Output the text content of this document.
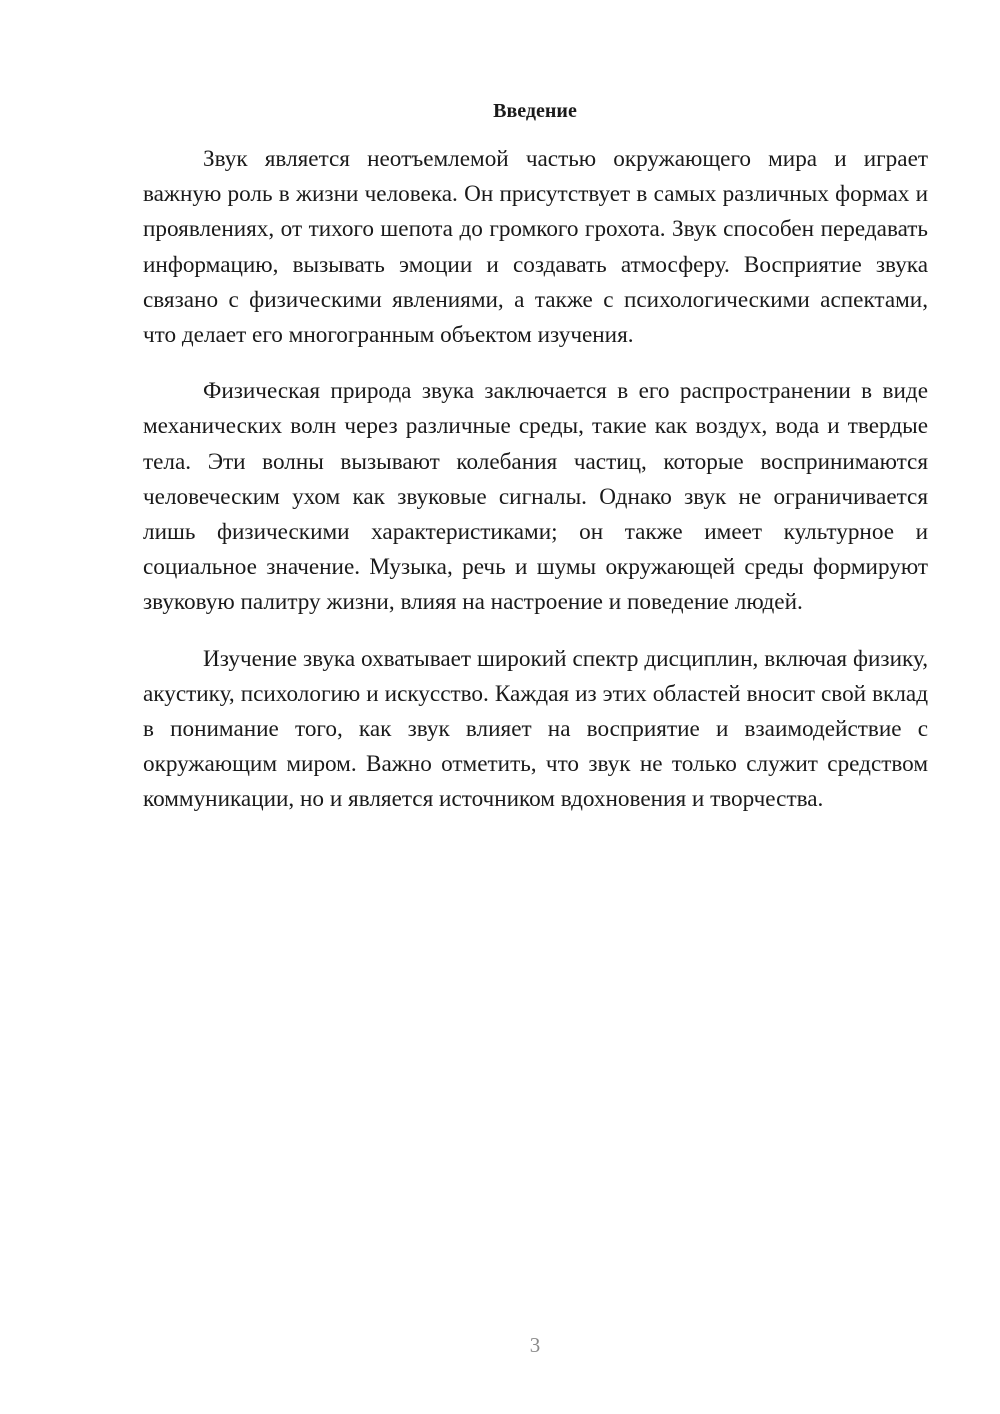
Введение

Звук является неотъемлемой частью окружающего мира и играет важную роль в жизни человека. Он присутствует в самых различных формах и проявлениях, от тихого шепота до громкого грохота. Звук способен передавать информацию, вызывать эмоции и создавать атмосферу. Восприятие звука связано с физическими явлениями, а также с психологическими аспектами, что делает его многогранным объектом изучения.

Физическая природа звука заключается в его распространении в виде механических волн через различные среды, такие как воздух, вода и твердые тела. Эти волны вызывают колебания частиц, которые воспринимаются человеческим ухом как звуковые сигналы. Однако звук не ограничивается лишь физическими характеристиками; он также имеет культурное и социальное значение. Музыка, речь и шумы окружающей среды формируют звуковую палитру жизни, влияя на настроение и поведение людей.

Изучение звука охватывает широкий спектр дисциплин, включая физику, акустику, психологию и искусство. Каждая из этих областей вносит свой вклад в понимание того, как звук влияет на восприятие и взаимодействие с окружающим миром. Важно отметить, что звук не только служит средством коммуникации, но и является источником вдохновения и творчества.

3
